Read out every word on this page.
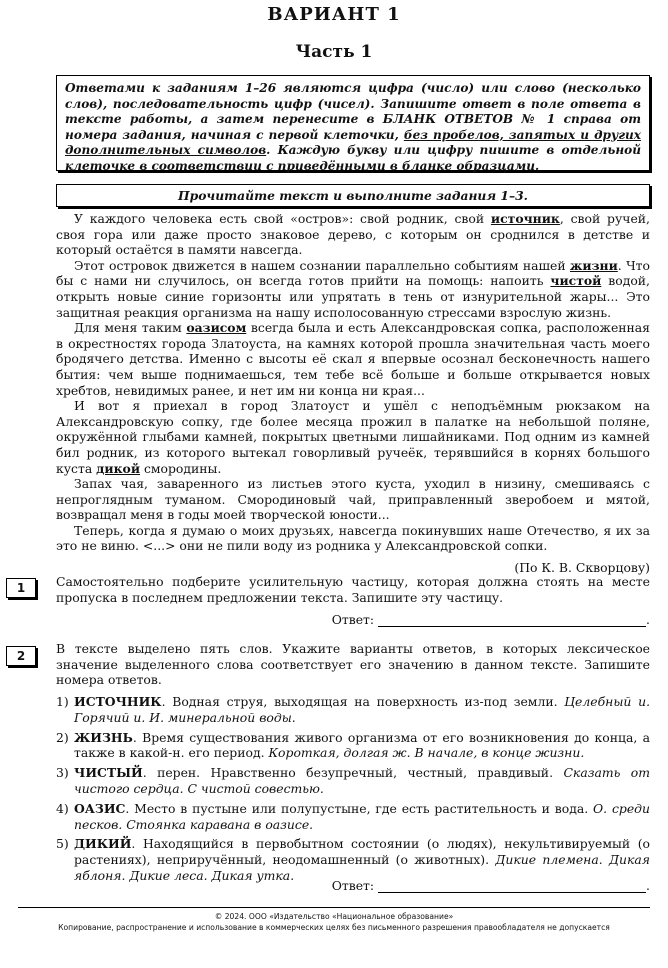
ВАРИАНТ 1
Часть 1
Ответами к заданиям 1–26 являются цифра (число) или слово (несколько слов), последовательность цифр (чисел). Запишите ответ в поле ответа в тексте работы, а затем перенесите в БЛАНК ОТВЕТОВ № 1 справа от номера задания, начиная с первой клеточки, без пробелов, запятых и других дополнительных символов. Каждую букву или цифру пишите в отдельной клеточке в соответствии с приведёнными в бланке образцами.
Прочитайте текст и выполните задания 1–3.

У каждого человека есть свой «остров»: свой родник, свой источник, свой ручей, своя гора или даже просто знаковое дерево, с которым он сроднился в детстве и который остаётся в памяти навсегда.

Этот островок движется в нашем сознании параллельно событиям нашей жизни. Что бы с нами ни случилось, он всегда готов прийти на помощь: напоить чистой водой, открыть новые синие горизонты или упрятать в тень от изнурительной жары... Это защитная реакция организма на нашу исполосованную стрессами взрослую жизнь.

Для меня таким оазисом всегда была и есть Александровская сопка, расположенная в окрестностях города Златоуста, на камнях которой прошла значительная часть моего бродячего детства. Именно с высоты её скал я впервые осознал бесконечность нашего бытия: чем выше поднимаешься, тем тебе всё больше и больше открывается новых хребтов, невидимых ранее, и нет им ни конца ни края...

И вот я приехал в город Златоуст и ушёл с неподъёмным рюкзаком на Александровскую сопку, где более месяца прожил в палатке на небольшой поляне, окружённой глыбами камней, покрытых цветными лишайниками. Под одним из камней бил родник, из которого вытекал говорливый ручеёк, терявшийся в корнях большого куста дикой смородины.

Запах чая, заваренного из листьев этого куста, уходил в низину, смешиваясь с непроглядным туманом. Смородиновый чай, приправленный зверобоем и мятой, возвращал меня в годы моей творческой юности...

Теперь, когда я думаю о моих друзьях, навсегда покинувших наше Отечество, я их за это не виню. <...> они не пили воду из родника у Александровской сопки.

(По К. В. Скворцову)

1	Самостоятельно подберите усилительную частицу, которая должна стоять на месте пропуска в последнем предложении текста. Запишите эту частицу.
Ответ:	.
2	В тексте выделено пять слов. Укажите варианты ответов, в которых лексическое значение выделенного слова соответствует его значению в данном тексте. Запишите номера ответов.
1) ИСТОЧНИК. Водная струя, выходящая на поверхность из-под земли. Целебный и. Горячий и. И. минеральной воды.
2) ЖИЗНЬ. Время существования живого организма от его возникновения до конца, а также в какой-н. его период. Короткая, долгая ж. В начале, в конце жизни.
3) ЧИСТЫЙ. перен. Нравственно безупречный, честный, правдивый. Сказать от чистого сердца. С чистой совестью.
4) ОАЗИС. Место в пустыне или полупустыне, где есть растительность и вода. О. среди песков. Стоянка каравана в оазисе.
5) ДИКИЙ. Находящийся в первобытном состоянии (о людях), некультивируемый (о растениях), неприручённый, неодомашненный (о животных). Дикие племена. Дикая яблоня. Дикие леса. Дикая утка.
Ответ:	.
© 2024. ООО «Издательство «Национальное образование»
Копирование, распространение и использование в коммерческих целях без письменного разрешения правообладателя не допускается
